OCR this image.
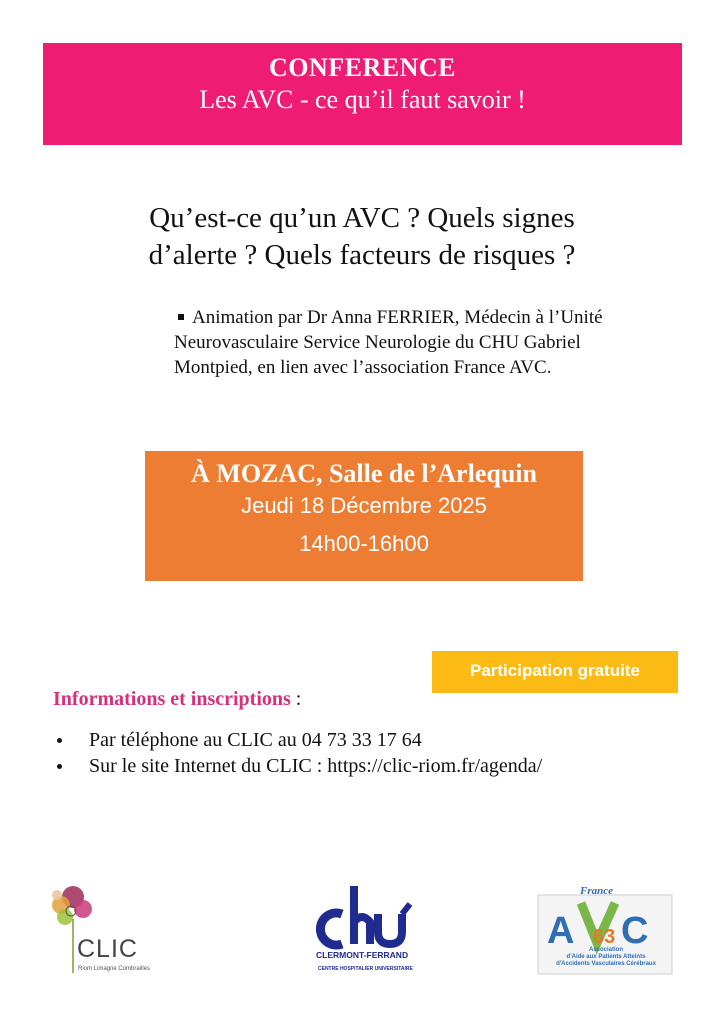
CONFERENCE
Les AVC - ce qu’il faut savoir !
Qu’est-ce qu’un AVC ? Quels signes
d’alerte ? Quels facteurs de risques ?
Animation par Dr Anna FERRIER, Médecin à l’Unité
Neurovasculaire Service Neurologie du CHU Gabriel
Montpied, en lien avec l’association France AVC.
À MOZAC, Salle de l’Arlequin
Jeudi 18 Décembre 2025
14h00-16h00
Participation gratuite
Informations et inscriptions :
Par téléphone au CLIC au 04 73 33 17 64
Sur le site Internet du CLIC : https://clic-riom.fr/agenda/
CLIC
Riom Limagne Combrailles
CLERMONT-FERRAND
CENTRE HOSPITALIER UNIVERSITAIRE
A 63 C
France
Association
d'Aide aux Patients Atteints
d'Accidents Vasculaires Cérébraux
